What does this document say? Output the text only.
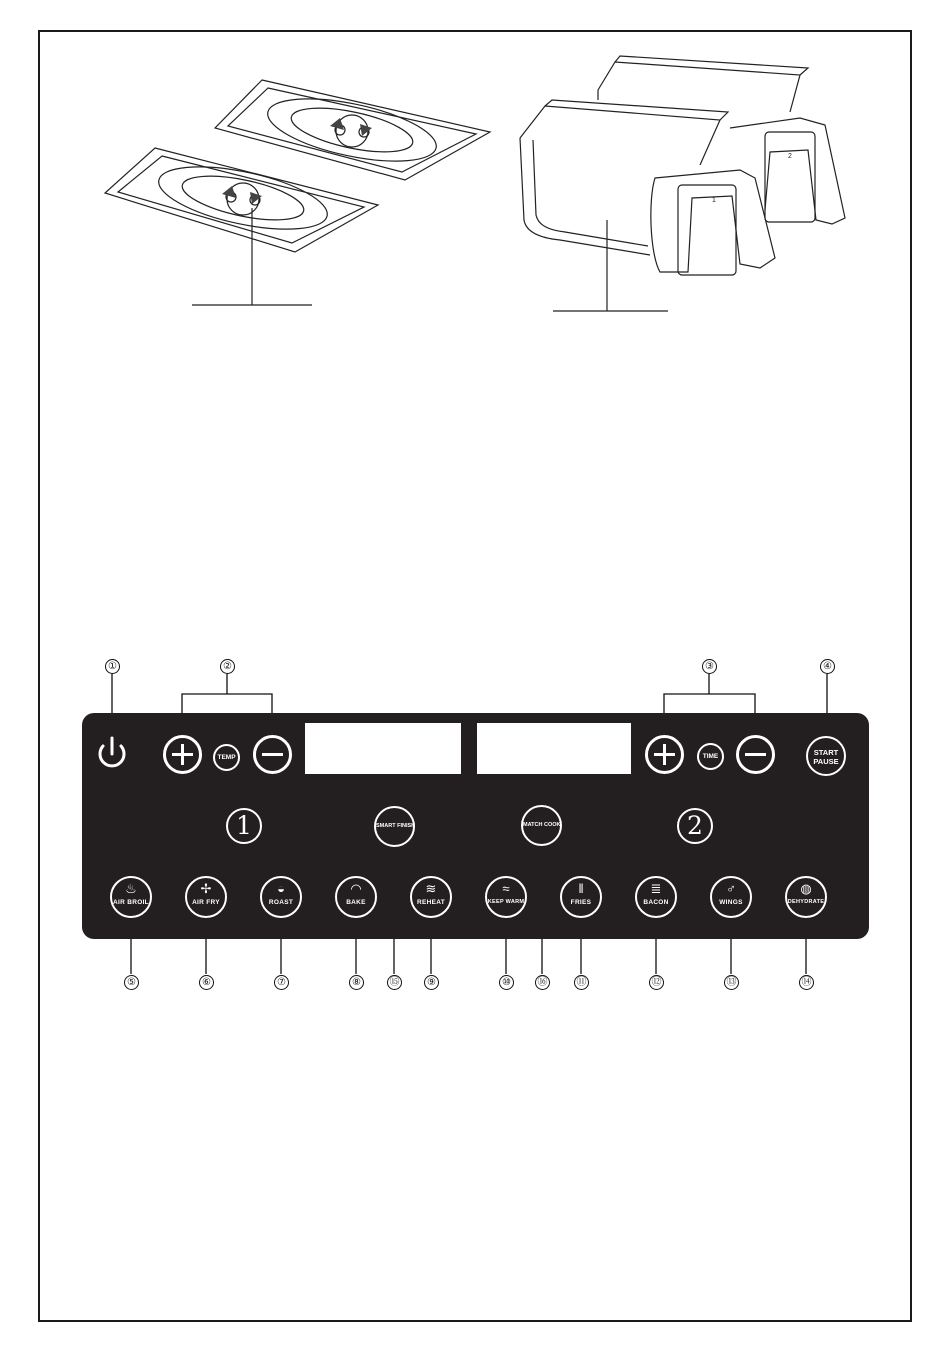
1
2
①	②	③	④
TEMP	TIME	START
PAUSE
1	2
SMART FINISH	MATCH COOK
♨
AIR BROIL
✢
AIR FRY
◒
ROAST
◠
BAKE
≋
REHEAT
≈
KEEP WARM
‖
FRIES
≣
BACON
♂
WINGS
◍
DEHYDRATE
⑤	⑥	⑦	⑧	⑮	⑨	⑩	⑯	⑪	⑫	⑬	⑭
